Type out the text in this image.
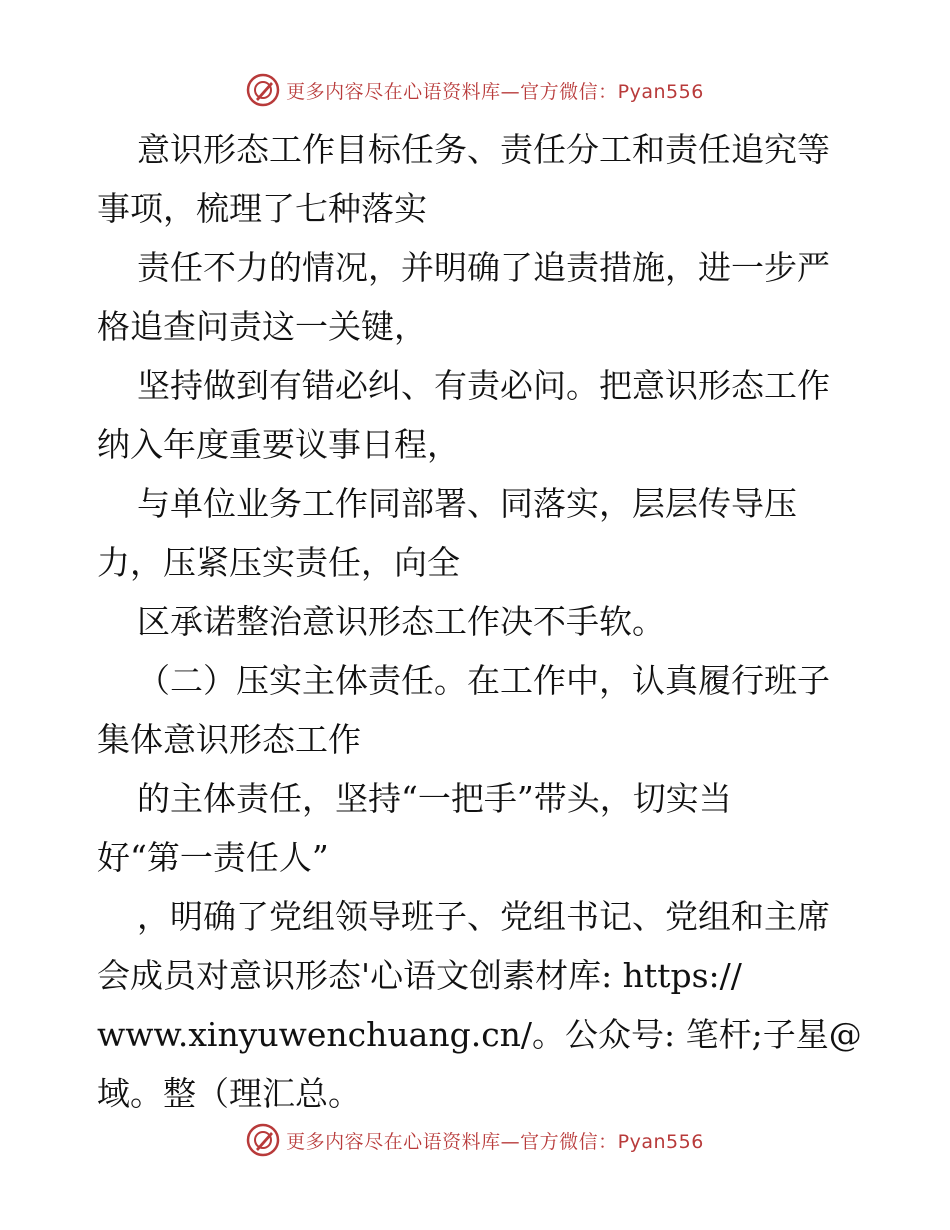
更多内容尽在心语资料库—官方微信：Pyan556
意识形态工作目标任务、责任分工和责任追究等
事项，梳理了七种落实
责任不力的情况，并明确了追责措施，进一步严
格追查问责这一关键，
坚持做到有错必纠、有责必问。把意识形态工作
纳入年度重要议事日程，
与单位业务工作同部署、同落实，层层传导压
力，压紧压实责任，向全
区承诺整治意识形态工作决不手软。
（二）压实主体责任。在工作中，认真履行班子
集体意识形态工作
的主体责任，坚持“一把手”带头，切实当
好“第一责任人”
，明确了党组领导班子、党组书记、党组和主席
会成员对意识形态'心语文创素材库: https://
www.xinyuwenchuang.cn/。公众号: 笔杆;子星@
域。整（理汇总。
更多内容尽在心语资料库—官方微信：Pyan556
